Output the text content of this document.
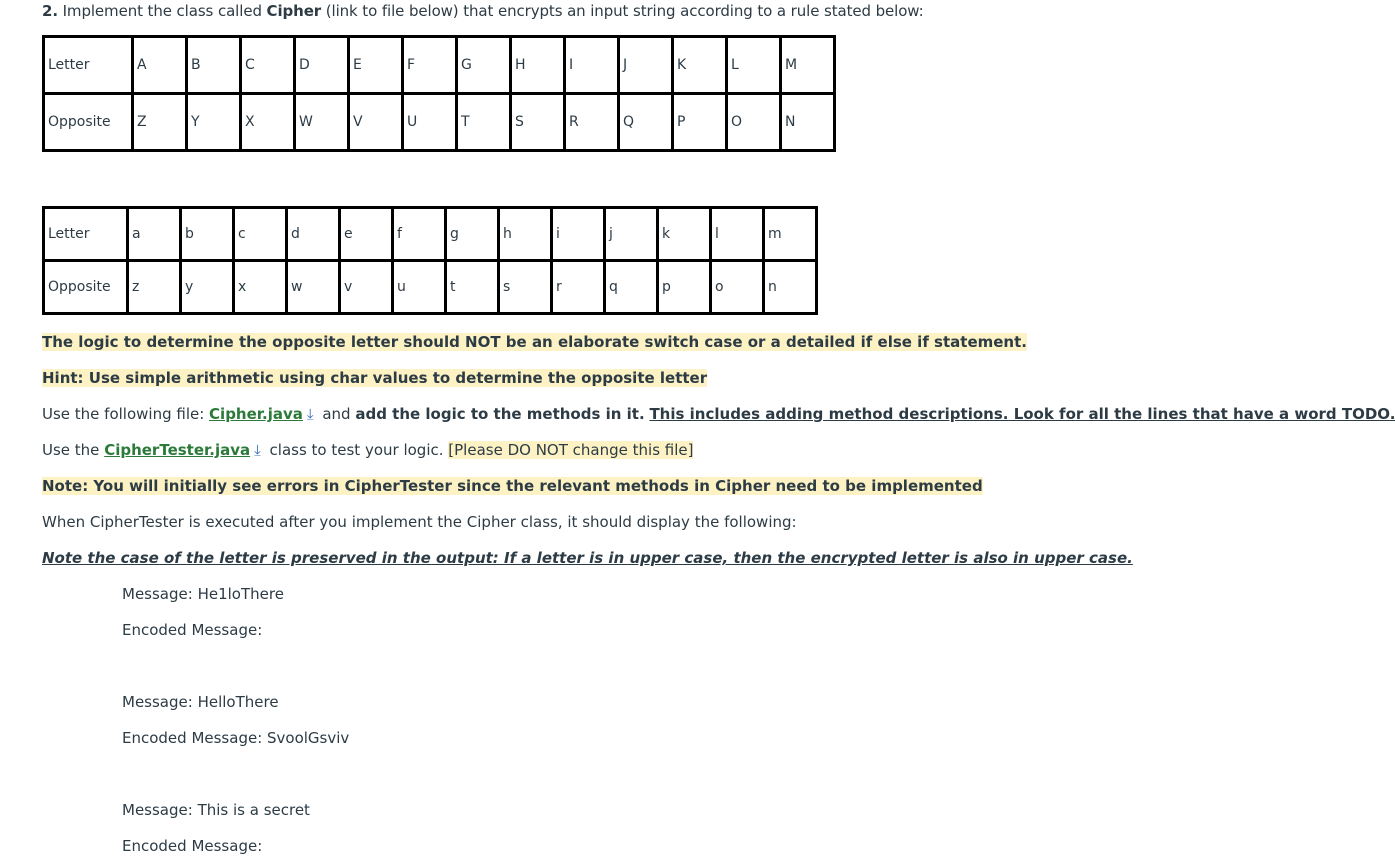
2. Implement the class called Cipher (link to file below) that encrypts an input string according to a rule stated below:
Letter	A	B	C	D	E	F	G	H	I	J	K	L	M
Opposite	Z	Y	X	W	V	U	T	S	R	Q	P	O	N
Letter	a	b	c	d	e	f	g	h	i	j	k	l	m
Opposite	z	y	x	w	v	u	t	s	r	q	p	o	n
The logic to determine the opposite letter should NOT be an elaborate switch case or a detailed if else if statement.
Hint: Use simple arithmetic using char values to determine the opposite letter
Use the following file: Cipher.java ⤓ and add the logic to the methods in it. This includes adding method descriptions. Look for all the lines that have a word TODO.
Use the CipherTester.java ⤓ class to test your logic. [Please DO NOT change this file]
Note: You will initially see errors in CipherTester since the relevant methods in Cipher need to be implemented
When CipherTester is executed after you implement the Cipher class, it should display the following:
Note the case of the letter is preserved in the output: If a letter is in upper case, then the encrypted letter is also in upper case.
Message: He1loThere
Encoded Message:
Message: HelloThere
Encoded Message: SvoolGsviv
Message: This is a secret
Encoded Message:
